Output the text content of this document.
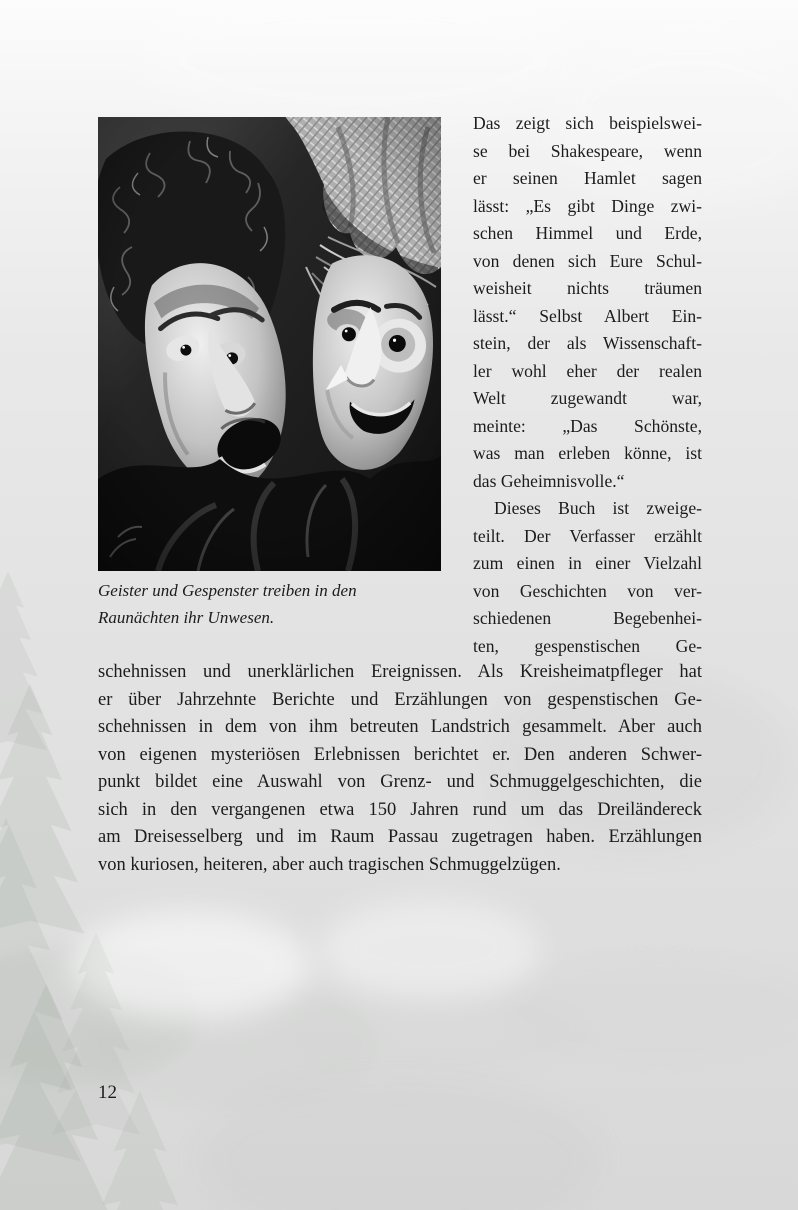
Geister und Gespenster treiben in den
Raunächten ihr Unwesen.
Das zeigt sich beispielswei-
se bei Shakespeare, wenn
er seinen Hamlet sagen
lässt: „Es gibt Dinge zwi-
schen Himmel und Erde,
von denen sich Eure Schul-
weisheit nichts träumen
lässt.“ Selbst Albert Ein-
stein, der als Wissenschaft-
ler wohl eher der realen
Welt zugewandt war,
meinte: „Das Schönste,
was man erleben könne, ist
das Geheimnisvolle.“
Dieses Buch ist zweige-
teilt. Der Verfasser erzählt
zum einen in einer Vielzahl
von Geschichten von ver-
schiedenen Begebenhei-
ten, gespenstischen Ge-
schehnissen und unerklärlichen Ereignissen. Als Kreisheimatpfleger hat
er über Jahrzehnte Berichte und Erzählungen von gespenstischen Ge-
schehnissen in dem von ihm betreuten Landstrich gesammelt. Aber auch
von eigenen mysteriösen Erlebnissen berichtet er. Den anderen Schwer-
punkt bildet eine Auswahl von Grenz- und Schmuggelgeschichten, die
sich in den vergangenen etwa 150 Jahren rund um das Dreiländereck
am Dreisesselberg und im Raum Passau zugetragen haben. Erzählungen
von kuriosen, heiteren, aber auch tragischen Schmuggelzügen.
12
